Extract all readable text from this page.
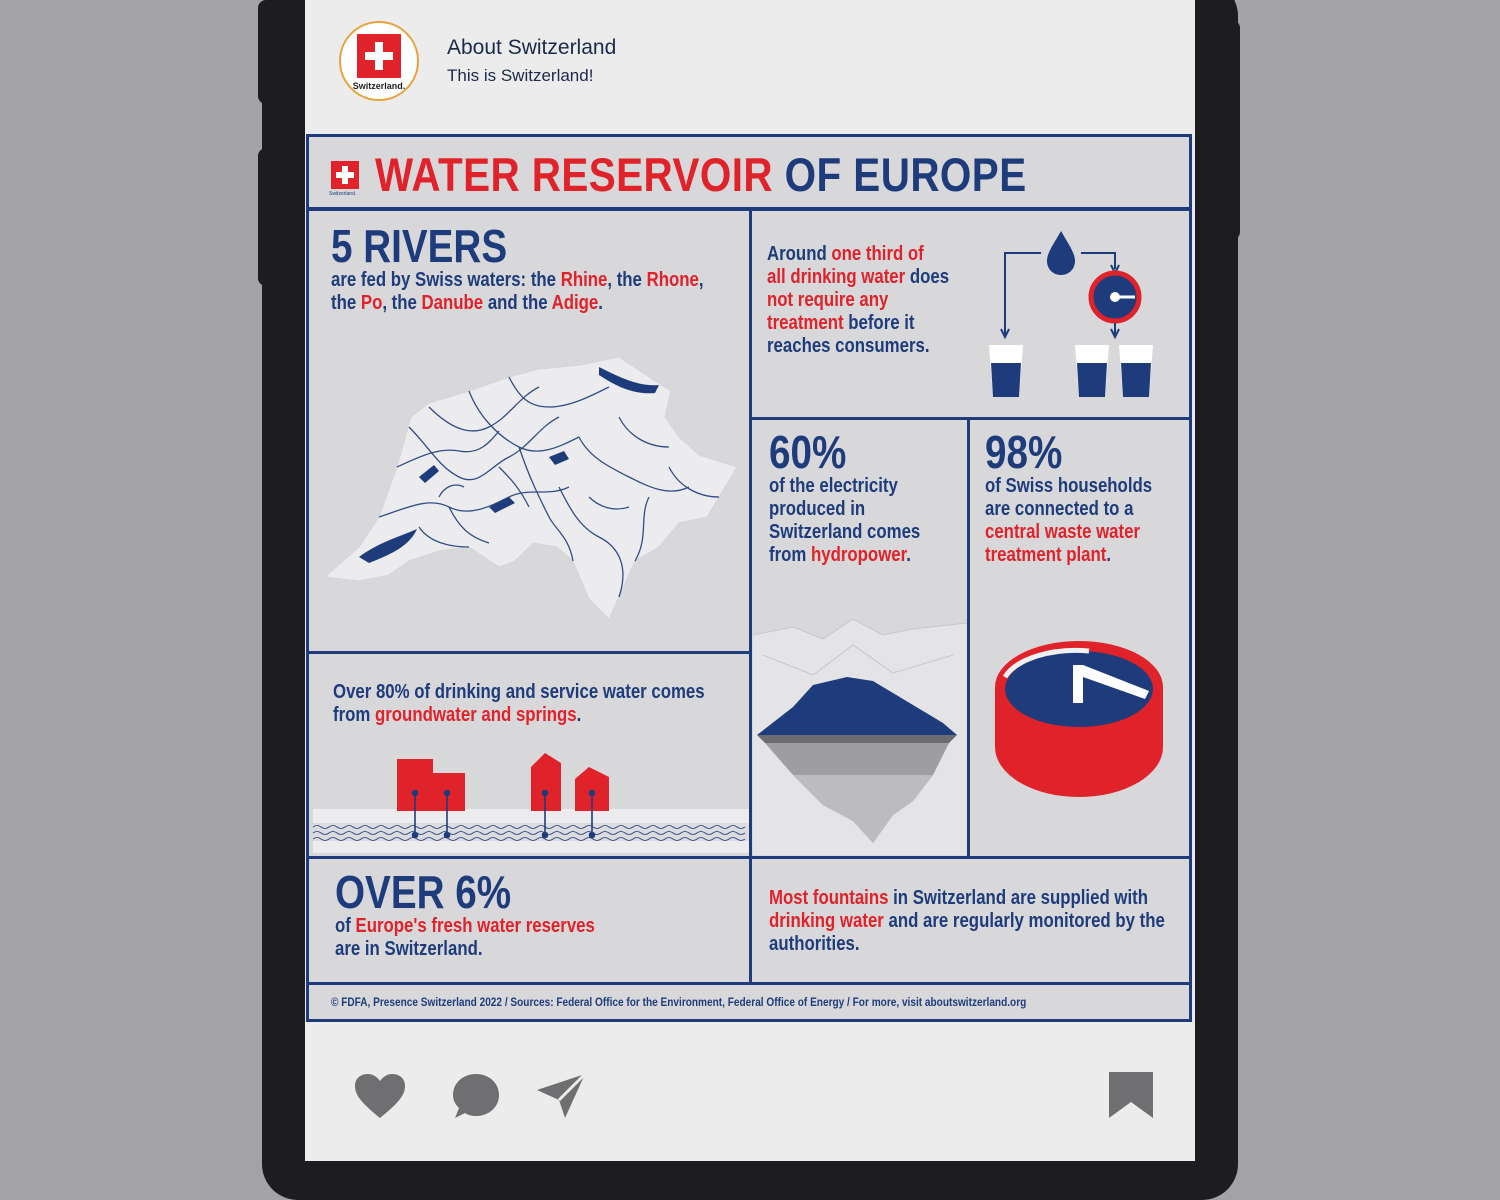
Switzerland.
About Switzerland
This is Switzerland!
Switzerland. WATER RESERVOIR OF EUROPE
5 RIVERS
are fed by Swiss waters: the Rhine, the Rhone,
the Po, the Danube and the Adige.
Around one third of
all drinking water does
not require any
treatment before it
reaches consumers.
60%
of the electricity
produced in
Switzerland comes
from hydropower.
98%
of Swiss households
are connected to a
central waste water
treatment plant.
Over 80% of drinking and service water comes
from groundwater and springs.
OVER 6%
of Europe's fresh water reserves
are in Switzerland.
Most fountains in Switzerland are supplied with
drinking water and are regularly monitored by the
authorities.
© FDFA, Presence Switzerland 2022 / Sources: Federal Office for the Environment, Federal Office of Energy / For more, visit aboutswitzerland.org
